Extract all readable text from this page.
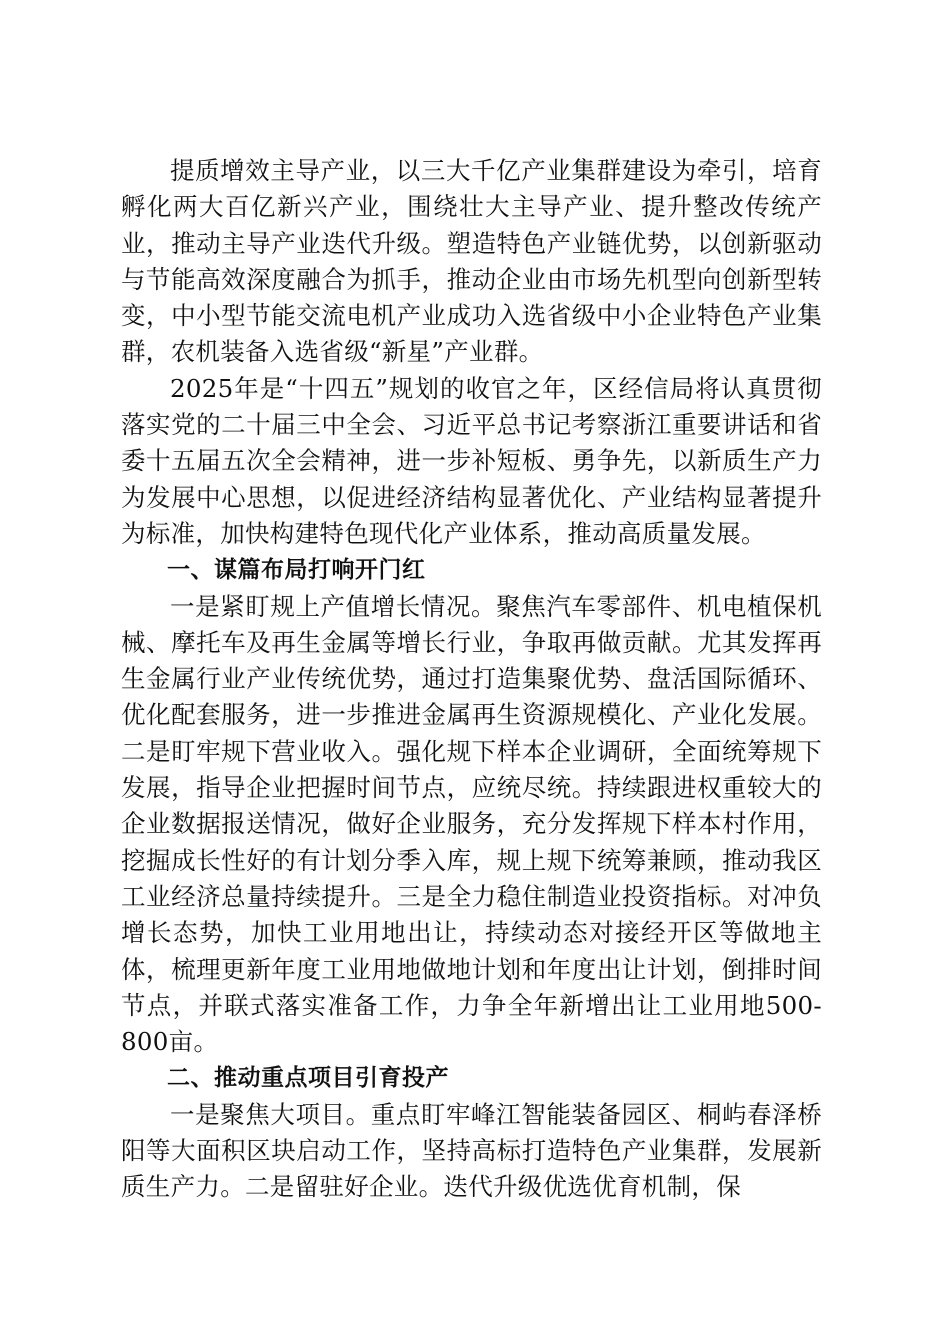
提质增效主导产业，以三大千亿产业集群建设为牵引，培育孵化两大百亿新兴产业，围绕壮大主导产业、提升整改传统产业，推动主导产业迭代升级。塑造特色产业链优势，以创新驱动与节能高效深度融合为抓手，推动企业由市场先机型向创新型转变，中小型节能交流电机产业成功入选省级中小企业特色产业集群，农机装备入选省级“新星”产业群。

2025年是“十四五”规划的收官之年，区经信局将认真贯彻落实党的二十届三中全会、习近平总书记考察浙江重要讲话和省委十五届五次全会精神，进一步补短板、勇争先，以新质生产力为发展中心思想，以促进经济结构显著优化、产业结构显著提升为标准，加快构建特色现代化产业体系，推动高质量发展。

一、谋篇布局打响开门红

一是紧盯规上产值增长情况。聚焦汽车零部件、机电植保机械、摩托车及再生金属等增长行业，争取再做贡献。尤其发挥再生金属行业产业传统优势，通过打造集聚优势、盘活国际循环、优化配套服务，进一步推进金属再生资源规模化、产业化发展。二是盯牢规下营业收入。强化规下样本企业调研，全面统筹规下发展，指导企业把握时间节点，应统尽统。持续跟进权重较大的企业数据报送情况，做好企业服务，充分发挥规下样本村作用，挖掘成长性好的有计划分季入库，规上规下统筹兼顾，推动我区工业经济总量持续提升。三是全力稳住制造业投资指标。对冲负增长态势，加快工业用地出让，持续动态对接经开区等做地主体，梳理更新年度工业用地做地计划和年度出让计划，倒排时间节点，并联式落实准备工作，力争全年新增出让工业用地500-800亩。

二、推动重点项目引育投产

一是聚焦大项目。重点盯牢峰江智能装备园区、桐屿春泽桥阳等大面积区块启动工作，坚持高标打造特色产业集群，发展新质生产力。二是留驻好企业。迭代升级优选优育机制，保
